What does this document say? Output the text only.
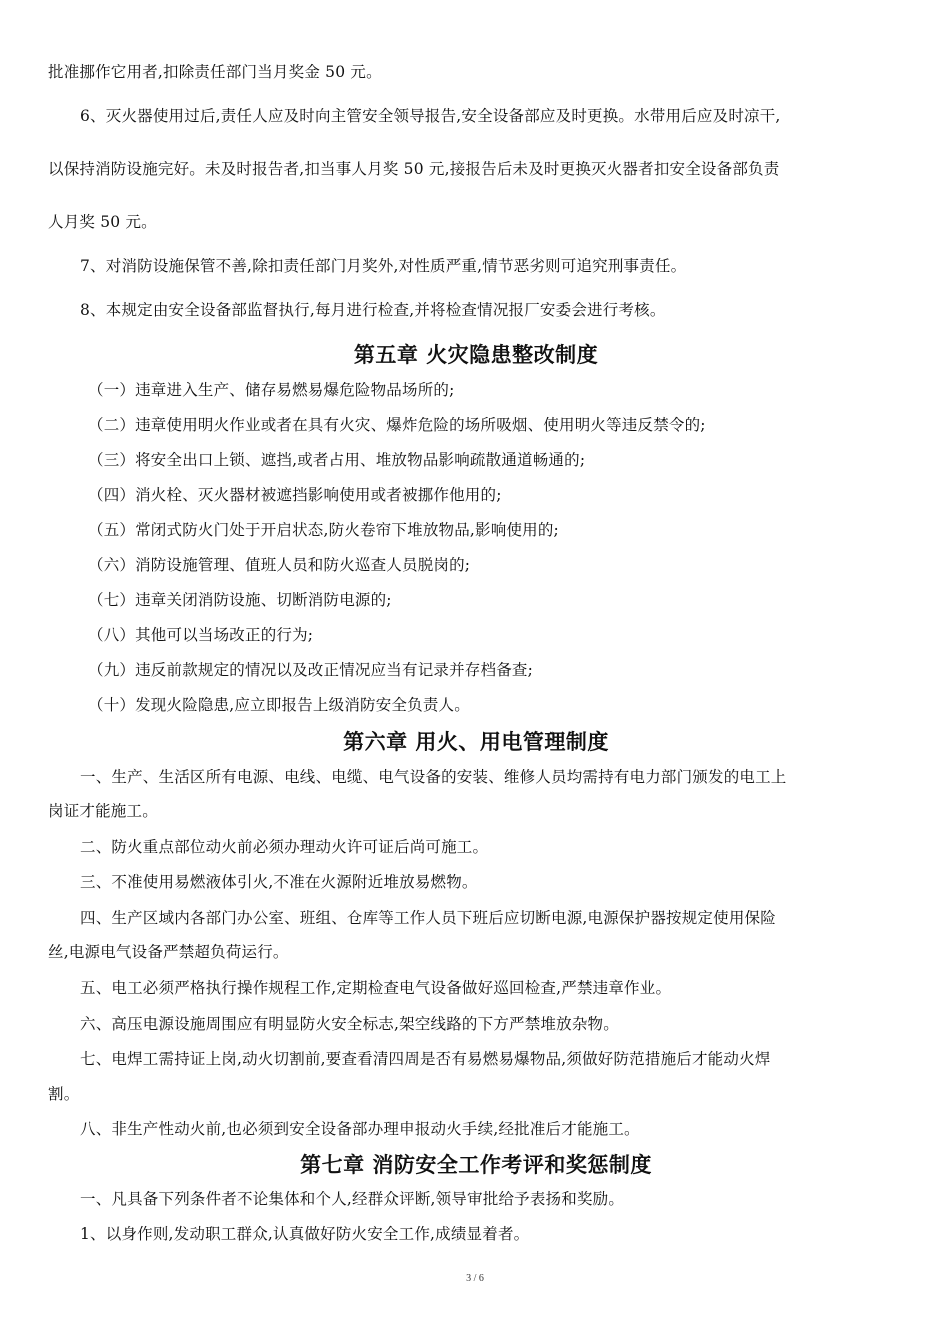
批准挪作它用者,扣除责任部门当月奖金 50 元。
6、灭火器使用过后,责任人应及时向主管安全领导报告,安全设备部应及时更换。水带用后应及时凉干,
以保持消防设施完好。未及时报告者,扣当事人月奖 50 元,接报告后未及时更换灭火器者扣安全设备部负责
人月奖 50 元。
7、对消防设施保管不善,除扣责任部门月奖外,对性质严重,情节恶劣则可追究刑事责任。
8、本规定由安全设备部监督执行,每月进行检查,并将检查情况报厂安委会进行考核。
第五章 火灾隐患整改制度
（一）违章进入生产、储存易燃易爆危险物品场所的;
（二）违章使用明火作业或者在具有火灾、爆炸危险的场所吸烟、使用明火等违反禁令的;
（三）将安全出口上锁、遮挡,或者占用、堆放物品影响疏散通道畅通的;
（四）消火栓、灭火器材被遮挡影响使用或者被挪作他用的;
（五）常闭式防火门处于开启状态,防火卷帘下堆放物品,影响使用的;
（六）消防设施管理、值班人员和防火巡查人员脱岗的;
（七）违章关闭消防设施、切断消防电源的;
（八）其他可以当场改正的行为;
（九）违反前款规定的情况以及改正情况应当有记录并存档备查;
（十）发现火险隐患,应立即报告上级消防安全负责人。
第六章 用火、用电管理制度
一、生产、生活区所有电源、电线、电缆、电气设备的安装、维修人员均需持有电力部门颁发的电工上
岗证才能施工。
二、防火重点部位动火前必须办理动火许可证后尚可施工。
三、不准使用易燃液体引火,不准在火源附近堆放易燃物。
四、生产区域内各部门办公室、班组、仓库等工作人员下班后应切断电源,电源保护器按规定使用保险
丝,电源电气设备严禁超负荷运行。
五、电工必须严格执行操作规程工作,定期检查电气设备做好巡回检查,严禁违章作业。
六、高压电源设施周围应有明显防火安全标志,架空线路的下方严禁堆放杂物。
七、电焊工需持证上岗,动火切割前,要查看清四周是否有易燃易爆物品,须做好防范措施后才能动火焊
割。
八、非生产性动火前,也必须到安全设备部办理申报动火手续,经批准后才能施工。
第七章 消防安全工作考评和奖惩制度
一、凡具备下列条件者不论集体和个人,经群众评断,领导审批给予表扬和奖励。
1、以身作则,发动职工群众,认真做好防火安全工作,成绩显着者。
3 / 6
